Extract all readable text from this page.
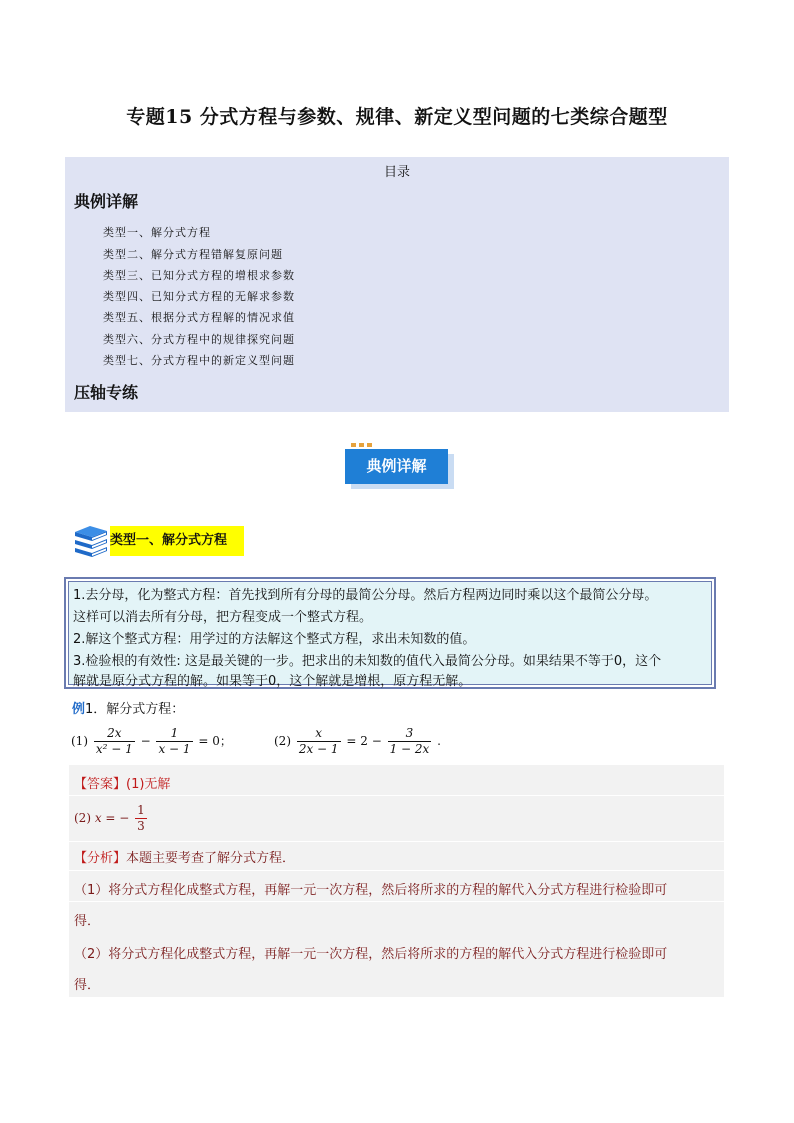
专题15 分式方程与参数、规律、新定义型问题的七类综合题型
目录
典例详解
类型一、解分式方程
类型二、解分式方程错解复原问题
类型三、已知分式方程的增根求参数
类型四、已知分式方程的无解求参数
类型五、根据分式方程解的情况求值
类型六、分式方程中的规律探究问题
类型七、分式方程中的新定义型问题
压轴专练
典例详解
类型一、解分式方程
1.去分母，化为整式方程：首先找到所有分母的最简公分母。然后方程两边同时乘以这个最简公分母。
这样可以消去所有分母，把方程变成一个整式方程。
2.解这个整式方程：用学过的方法解这个整式方程，求出未知数的值。
3.检验根的有效性: 这是最关键的一步。把求出的未知数的值代入最简公分母。如果结果不等于0，这个
解就是原分式方程的解。如果等于0，这个解就是增根，原方程无解。
例1．解分式方程：
$(1) \frac{2x}{\text{x² − 1}} - \frac{1}{x - 1} = 0$；	$(2) \frac{x}{2x - 1} = 2 - \frac{3}{1 - 2x}$ .
【答案】(1)无解
(2) x = − $\frac{1}{3}$
【分析】本题主要考查了解分式方程．
（1）将分式方程化成整式方程，再解一元一次方程，然后将所求的方程的解代入分式方程进行检验即可
得．
（2）将分式方程化成整式方程，再解一元一次方程，然后将所求的方程的解代入分式方程进行检验即可
得．
